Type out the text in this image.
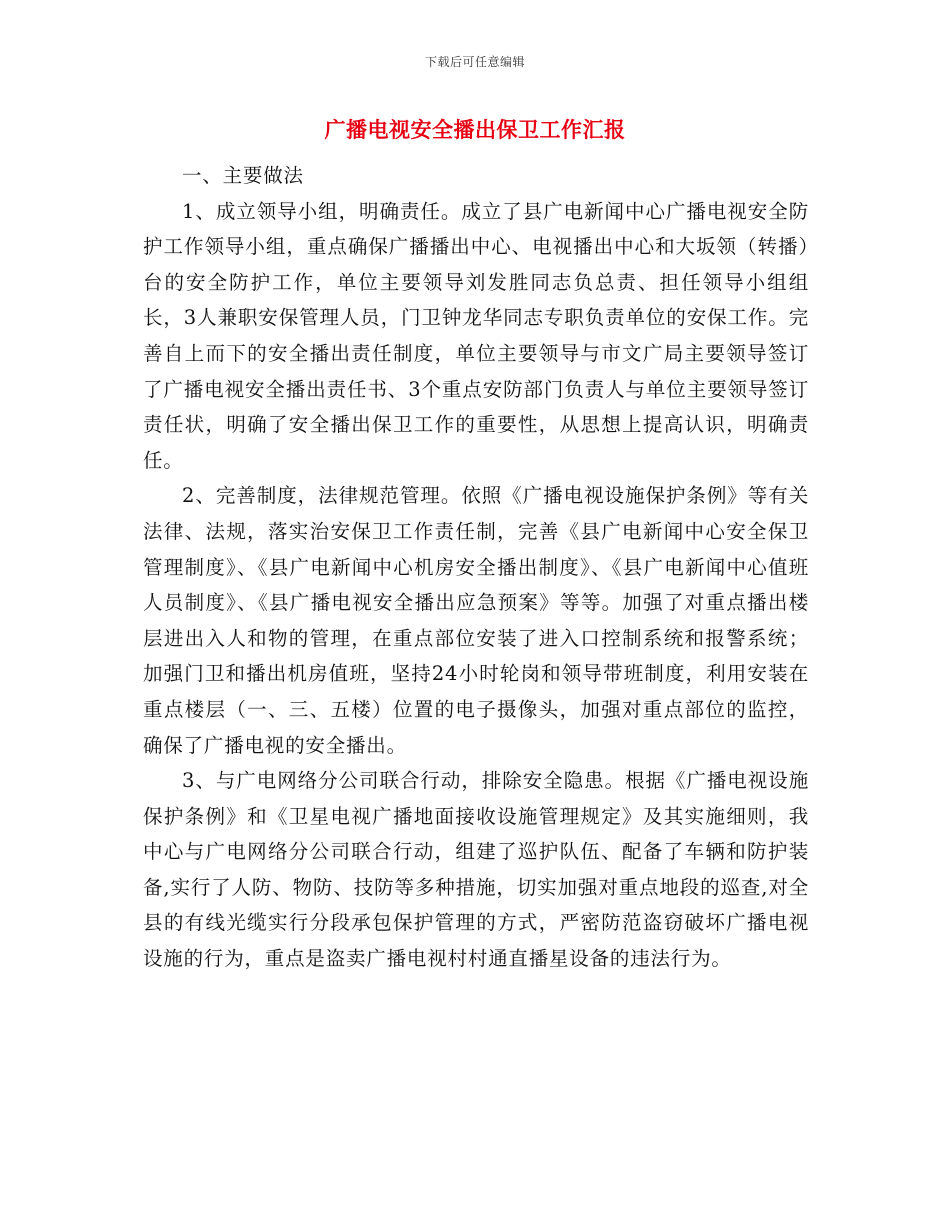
下载后可任意编辑
广播电视安全播出保卫工作汇报

一、主要做法

1、成立领导小组，明确责任。成立了县广电新闻中心广播电视安全防护工作领导小组，重点确保广播播出中心、电视播出中心和大坂领（转播）台的安全防护工作，单位主要领导刘发胜同志负总责、担任领导小组组长，3人兼职安保管理人员，门卫钟龙华同志专职负责单位的安保工作。完善自上而下的安全播出责任制度，单位主要领导与市文广局主要领导签订了广播电视安全播出责任书、3个重点安防部门负责人与单位主要领导签订责任状，明确了安全播出保卫工作的重要性，从思想上提高认识，明确责任。

2、完善制度，法律规范管理。依照《广播电视设施保护条例》等有关法律、法规，落实治安保卫工作责任制，完善《县广电新闻中心安全保卫管理制度》、《县广电新闻中心机房安全播出制度》、《县广电新闻中心值班人员制度》、《县广播电视安全播出应急预案》等等。加强了对重点播出楼层进出入人和物的管理，在重点部位安装了进入口控制系统和报警系统；加强门卫和播出机房值班，坚持24小时轮岗和领导带班制度，利用安装在重点楼层（一、三、五楼）位置的电子摄像头，加强对重点部位的监控，确保了广播电视的安全播出。

3、与广电网络分公司联合行动，排除安全隐患。根据《广播电视设施保护条例》和《卫星电视广播地面接收设施管理规定》及其实施细则，我中心与广电网络分公司联合行动，组建了巡护队伍、配备了车辆和防护装备,实行了人防、物防、技防等多种措施，切实加强对重点地段的巡查,对全县的有线光缆实行分段承包保护管理的方式，严密防范盗窃破坏广播电视设施的行为，重点是盗卖广播电视村村通直播星设备的违法行为。
